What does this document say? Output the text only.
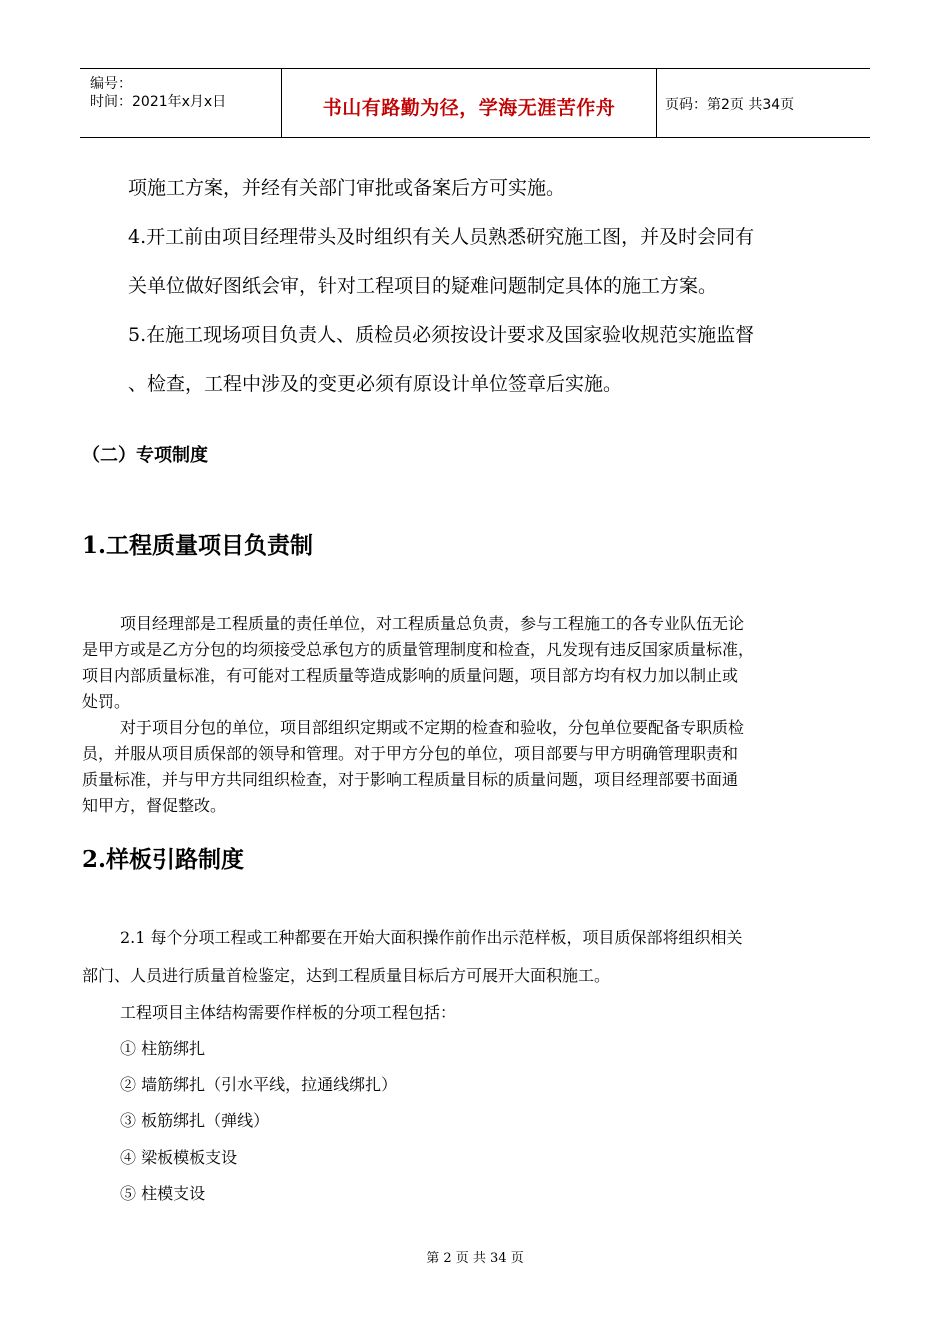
编号：
时间：2021年x月x日	书山有路勤为径，学海无涯苦作舟	页码：第2页 共34页
项施工方案，并经有关部门审批或备案后方可实施。
4.开工前由项目经理带头及时组织有关人员熟悉研究施工图，并及时会同有
关单位做好图纸会审，针对工程项目的疑难问题制定具体的施工方案。
5.在施工现场项目负责人、质检员必须按设计要求及国家验收规范实施监督
、检查，工程中涉及的变更必须有原设计单位签章后实施。
（二）专项制度
1.工程质量项目负责制
项目经理部是工程质量的责任单位，对工程质量总负责，参与工程施工的各专业队伍无论
是甲方或是乙方分包的均须接受总承包方的质量管理制度和检查，凡发现有违反国家质量标准，
项目内部质量标准，有可能对工程质量等造成影响的质量问题，项目部方均有权力加以制止或
处罚。
对于项目分包的单位，项目部组织定期或不定期的检查和验收，分包单位要配备专职质检
员，并服从项目质保部的领导和管理。对于甲方分包的单位，项目部要与甲方明确管理职责和
质量标准，并与甲方共同组织检查，对于影响工程质量目标的质量问题，项目经理部要书面通
知甲方，督促整改。
2.样板引路制度
2.1 每个分项工程或工种都要在开始大面积操作前作出示范样板，项目质保部将组织相关
部门、人员进行质量首检鉴定，达到工程质量目标后方可展开大面积施工。
工程项目主体结构需要作样板的分项工程包括：
① 柱筋绑扎
② 墙筋绑扎（引水平线，拉通线绑扎）
③ 板筋绑扎（弹线）
④ 梁板模板支设
⑤ 柱模支设
第 2 页 共 34 页
